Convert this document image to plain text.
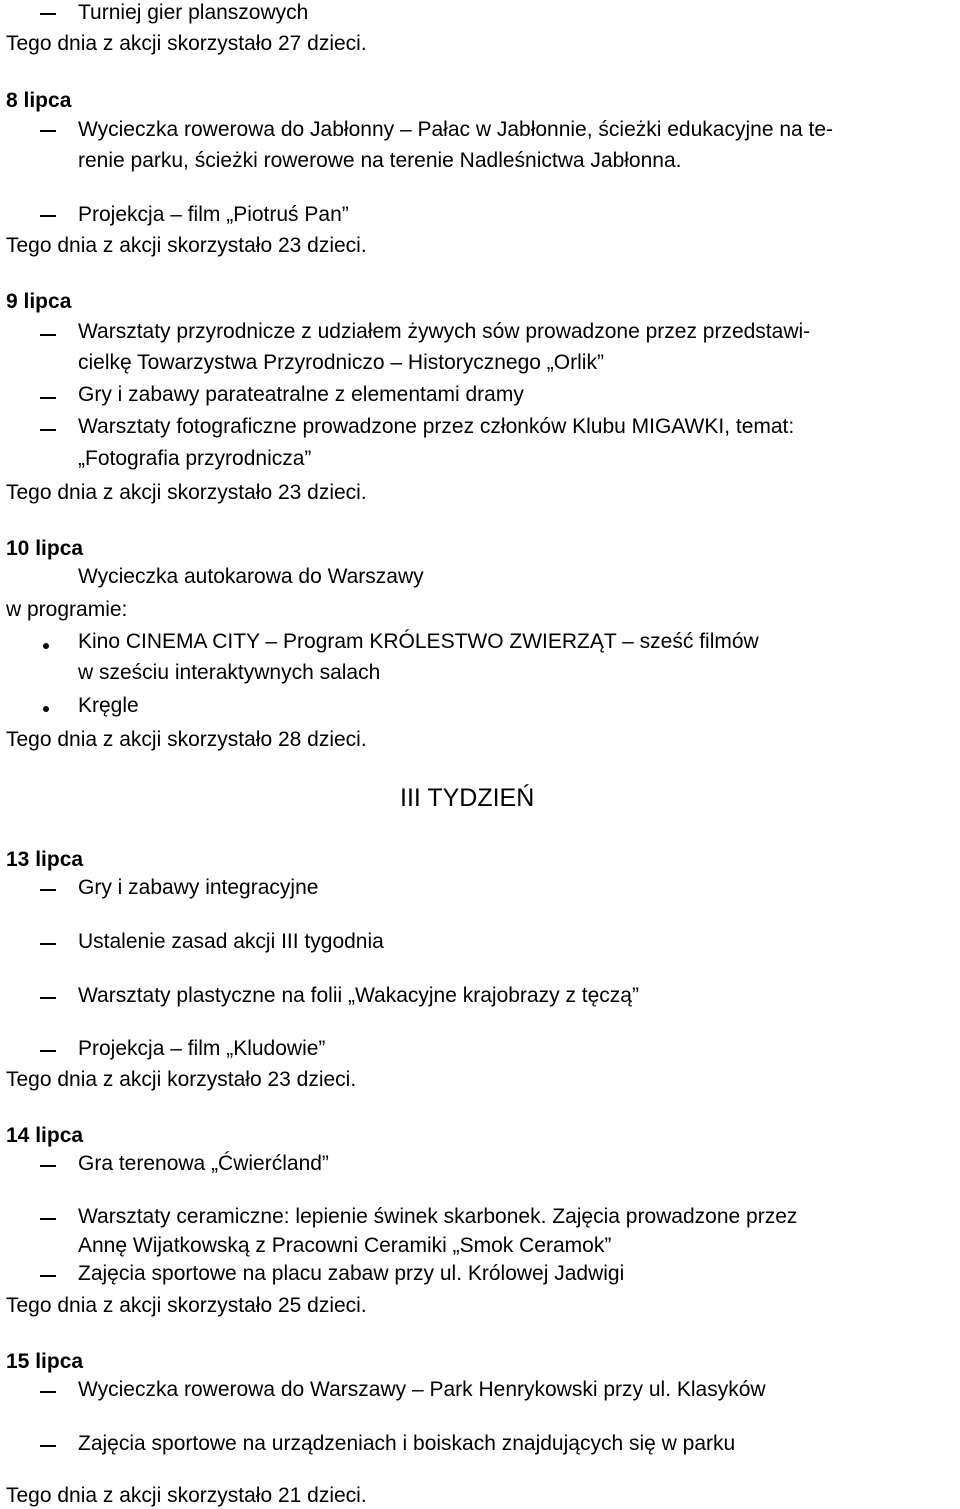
Turniej gier planszowych
Tego dnia z akcji skorzystało 27 dzieci.
8 lipca
Wycieczka rowerowa do Jabłonny – Pałac w Jabłonnie, ścieżki edukacyjne na te-
renie parku, ścieżki rowerowe na terenie Nadleśnictwa Jabłonna.
Projekcja – film „Piotruś Pan”
Tego dnia z akcji skorzystało 23 dzieci.
9 lipca
Warsztaty przyrodnicze z udziałem żywych sów prowadzone przez przedstawi-
cielkę Towarzystwa Przyrodniczo – Historycznego „Orlik”
Gry i zabawy parateatralne z elementami dramy
Warsztaty fotograficzne prowadzone przez członków Klubu MIGAWKI, temat:
„Fotografia przyrodnicza”
Tego dnia z akcji skorzystało 23 dzieci.
10 lipca
Wycieczka autokarowa do Warszawy
w programie:
Kino CINEMA CITY – Program KRÓLESTWO ZWIERZĄT – sześć filmów
w sześciu interaktywnych salach
Kręgle
Tego dnia z akcji skorzystało 28 dzieci.
III TYDZIEŃ
13 lipca
Gry i zabawy integracyjne
Ustalenie zasad akcji III tygodnia
Warsztaty plastyczne na folii „Wakacyjne krajobrazy z tęczą”
Projekcja – film „Kludowie”
Tego dnia z akcji korzystało 23 dzieci.
14 lipca
Gra terenowa „Ćwierćland”
Warsztaty ceramiczne: lepienie świnek skarbonek. Zajęcia prowadzone przez
Annę Wijatkowską z Pracowni Ceramiki „Smok Ceramok”
Zajęcia sportowe na placu zabaw przy ul. Królowej Jadwigi
Tego dnia z akcji skorzystało 25 dzieci.
15 lipca
Wycieczka rowerowa do Warszawy – Park Henrykowski przy ul. Klasyków
Zajęcia sportowe na urządzeniach i boiskach znajdujących się w parku
Tego dnia z akcji skorzystało 21 dzieci.
